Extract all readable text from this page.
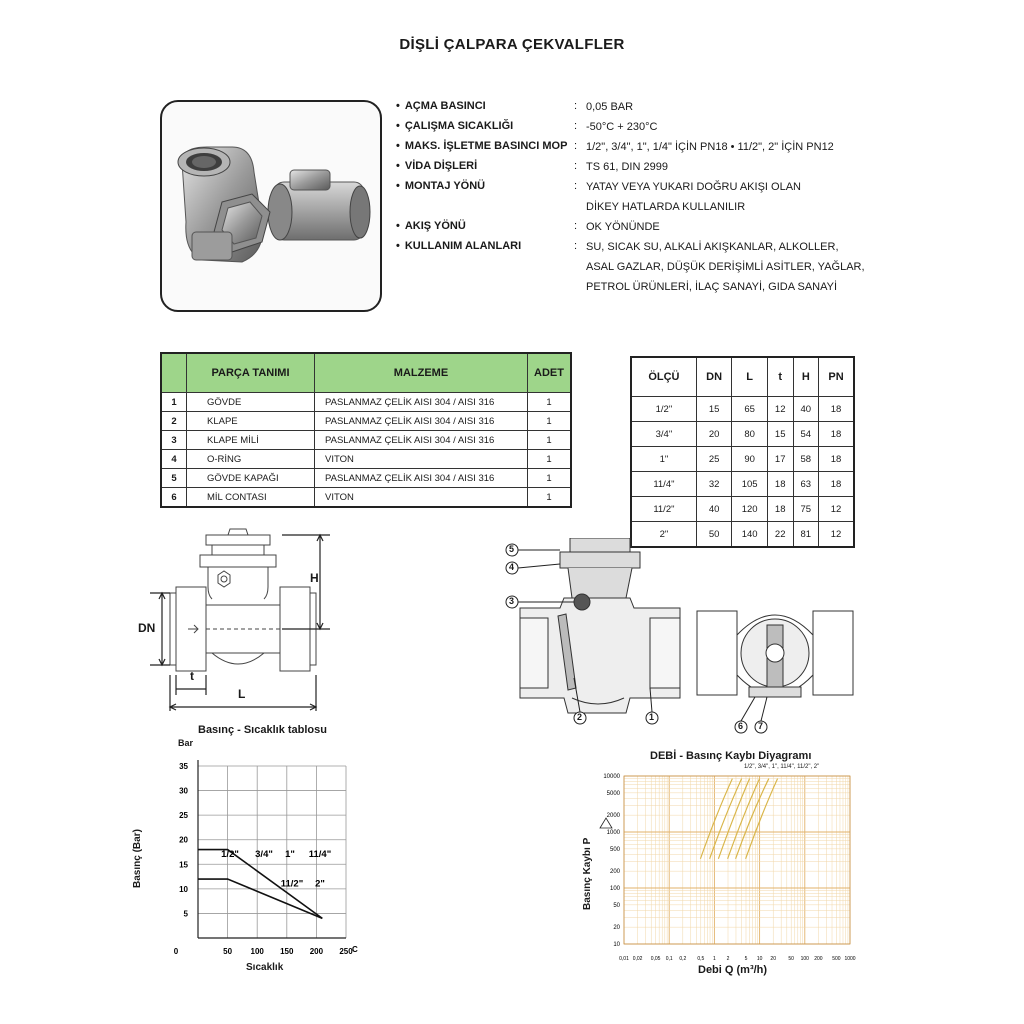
DİŞLİ ÇALPARA ÇEKVALFLER
• AÇMA BASINCI	: 0,05 BAR
• ÇALIŞMA SICAKLIĞI	: -50°C + 230°C
• MAKS. İŞLETME BASINCI MOP : 1/2", 3/4", 1", 1/4" İÇİN PN18 • 11/2", 2" İÇİN PN12
• VİDA DİŞLERİ	: TS 61, DIN 2999
• MONTAJ YÖNÜ	: YATAY VEYA YUKARI DOĞRU AKIŞI OLAN
DİKEY HATLARDA KULLANILIR
• AKIŞ YÖNÜ	: OK YÖNÜNDE
• KULLANIM ALANLARI	: SU, SICAK SU, ALKALİ AKIŞKANLAR, ALKOLLER,
ASAL GAZLAR, DÜŞÜK DERİŞİMLİ ASİTLER, YAĞLAR,
PETROL ÜRÜNLERİ, İLAÇ SANAYİ, GIDA SANAYİ
	PARÇA TANIMI	MALZEME	ADET
1	GÖVDE	PASLANMAZ ÇELİK AISI 304 / AISI 316	1
2	KLAPE	PASLANMAZ ÇELİK AISI 304 / AISI 316	1
3	KLAPE MİLİ	PASLANMAZ ÇELİK AISI 304 / AISI 316	1
4	O-RİNG	VITON	1
5	GÖVDE KAPAĞI	PASLANMAZ ÇELİK AISI 304 / AISI 316	1
6	MİL CONTASI	VITON	1
ÖLÇÜ	DN	L	t	H	PN
1/2"	15	65	12	40	18
3/4"	20	80	15	54	18
1"	25	90	17	58	18
11/4"	32	105	18	63	18
11/2"	40	120	18	75	12
2"	50	140	22	81	12
H
DN
t
L
5
4
3
2	1
6 7
Basınç - Sıcaklık tablosu
Bar
Basınç (Bar)
Sıcaklık
35
30
25
20
15
10
5
0	50 100 150 200 250 C
1/2" 3/4" 1" 11/4"
11/2" 2"
DEBİ - Basınç Kaybı Diyagramı
1/2", 3/4", 1", 11/4", 11/2", 2"
Basınç Kaybı P
Debi Q (m³/h)
10000
5000
2000
1000
500
200
100
50
20
10
0,01 0,02 0,05 0,1 0,2 0,5 1 2	5 10 20 50 100 200 500 1000
